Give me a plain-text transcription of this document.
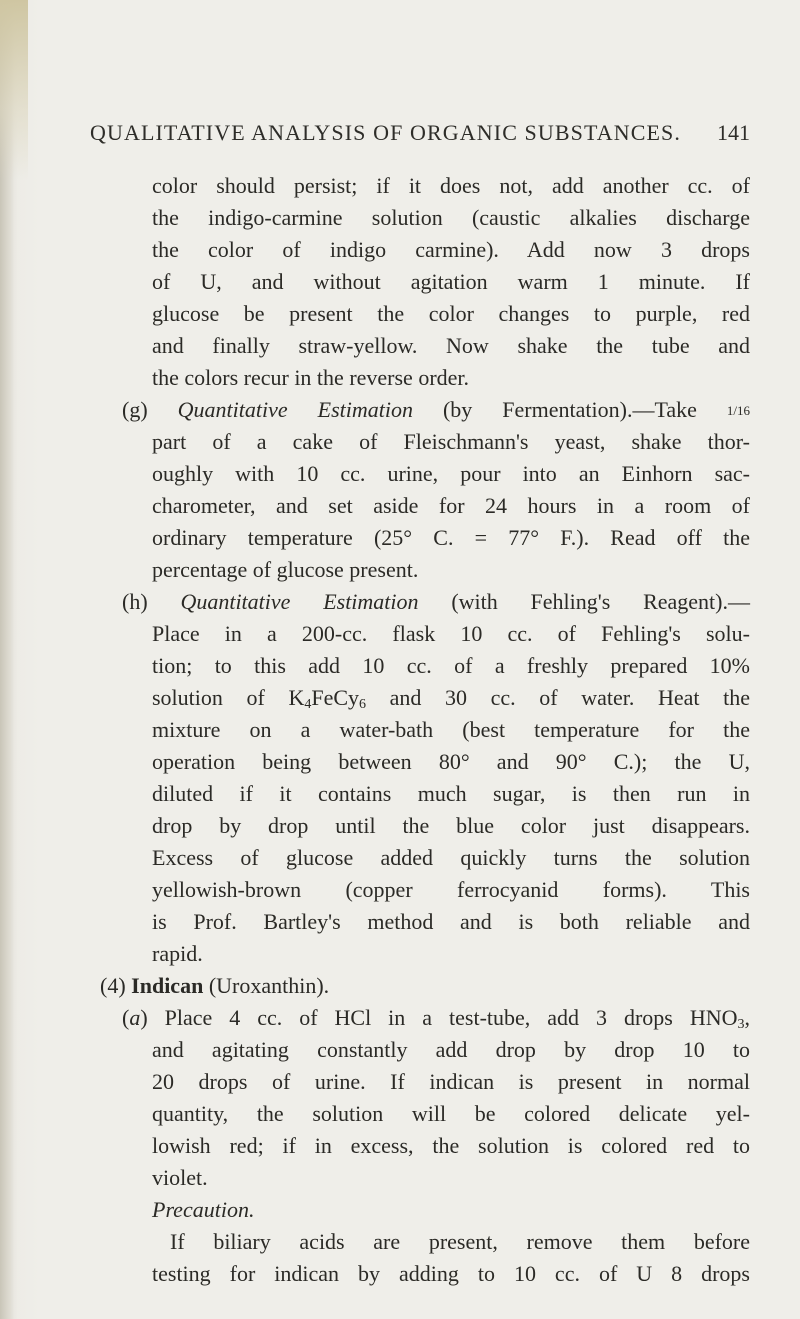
QUALITATIVE ANALYSIS OF ORGANIC SUBSTANCES. 141
color should persist; if it does not, add another cc. of
the indigo-carmine solution (caustic alkalies discharge
the color of indigo carmine). Add now 3 drops
of U, and without agitation warm 1 minute. If
glucose be present the color changes to purple, red
and finally straw-yellow. Now shake the tube and
the colors recur in the reverse order.
(g) Quantitative Estimation (by Fermentation).—Take 1/16
part of a cake of Fleischmann's yeast, shake thor-
oughly with 10 cc. urine, pour into an Einhorn sac-
charometer, and set aside for 24 hours in a room of
ordinary temperature (25° C. = 77° F.). Read off the
percentage of glucose present.
(h) Quantitative Estimation (with Fehling's Reagent).—
Place in a 200-cc. flask 10 cc. of Fehling's solu-
tion; to this add 10 cc. of a freshly prepared 10%
solution of $K_4FeCy_6$ and 30 cc. of water. Heat the
mixture on a water-bath (best temperature for the
operation being between 80° and 90° C.); the U,
diluted if it contains much sugar, is then run in
drop by drop until the blue color just disappears.
Excess of glucose added quickly turns the solution
yellowish-brown (copper ferrocyanid forms). This
is Prof. Bartley's method and is both reliable and
rapid.
(4) Indican (Uroxanthin).
(a) Place 4 cc. of HCl in a test-tube, add 3 drops $HNO_3$,
and agitating constantly add drop by drop 10 to
20 drops of urine. If indican is present in normal
quantity, the solution will be colored delicate yel-
lowish red; if in excess, the solution is colored red to
violet.
Precaution.
If biliary acids are present, remove them before
testing for indican by adding to 10 cc. of U 8 drops
